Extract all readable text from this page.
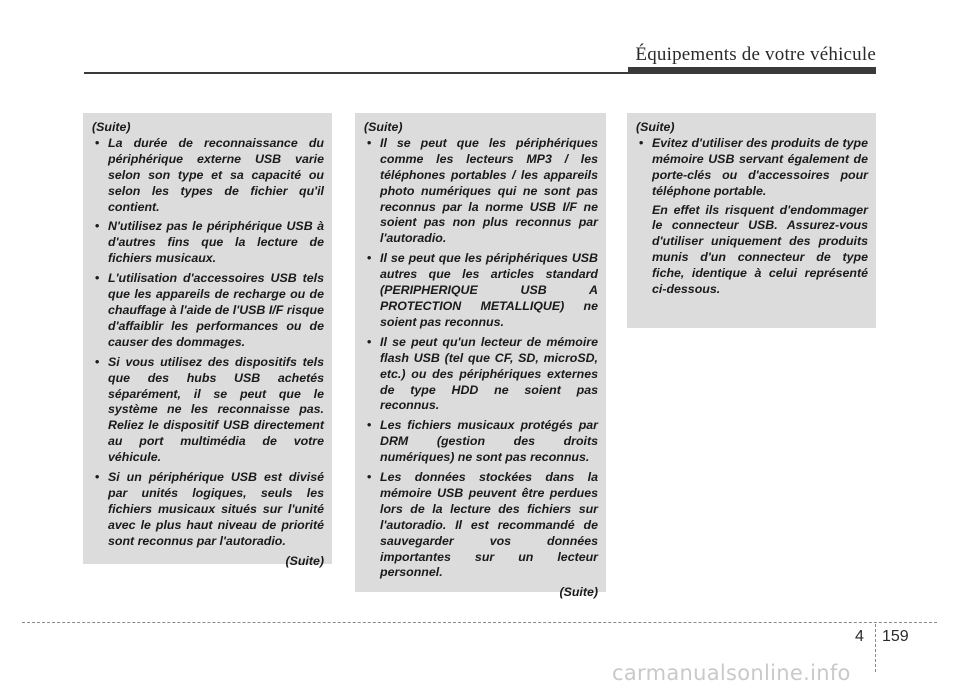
Équipements de votre véhicule

(Suite)

• La durée de reconnaissance du périphérique externe USB varie selon son type et sa capacité ou selon les types de fichier qu'il contient.
• N'utilisez pas le périphérique USB à d'autres fins que la lecture de fichiers musicaux.
• L'utilisation d'accessoires USB tels que les appareils de recharge ou de chauffage à l'aide de l'USB I/F risque d'affaiblir les performances ou de causer des dommages.
• Si vous utilisez des dispositifs tels que des hubs USB achetés séparément, il se peut que le système ne les reconnaisse pas. Reliez le dispositif USB directement au port multimédia de votre véhicule.
• Si un périphérique USB est divisé par unités logiques, seuls les fichiers musicaux situés sur l'unité avec le plus haut niveau de priorité sont reconnus par l'autoradio.

(Suite)

(Suite)

• Il se peut que les périphériques comme les lecteurs MP3 / les téléphones portables / les appareils photo numériques qui ne sont pas reconnus par la norme USB I/F ne soient pas non plus reconnus par l'autoradio.
• Il se peut que les périphériques USB autres que les articles standard (PERIPHERIQUE USB A PROTECTION METALLIQUE) ne soient pas reconnus.
• Il se peut qu'un lecteur de mémoire flash USB (tel que CF, SD, microSD, etc.) ou des périphériques externes de type HDD ne soient pas reconnus.
• Les fichiers musicaux protégés par DRM (gestion des droits numériques) ne sont pas reconnus.
• Les données stockées dans la mémoire USB peuvent être perdues lors de la lecture des fichiers sur l'autoradio. Il est recommandé de sauvegarder vos données importantes sur un lecteur personnel.

(Suite)

(Suite)

• Evitez d'utiliser des produits de type mémoire USB servant également de porte-clés ou d'accessoires pour téléphone portable.
En effet ils risquent d'endommager le connecteur USB. Assurez-vous d'utiliser uniquement des produits munis d'un connecteur de type fiche, identique à celui représenté ci-dessous.
4 159
carmanualsonline.info
